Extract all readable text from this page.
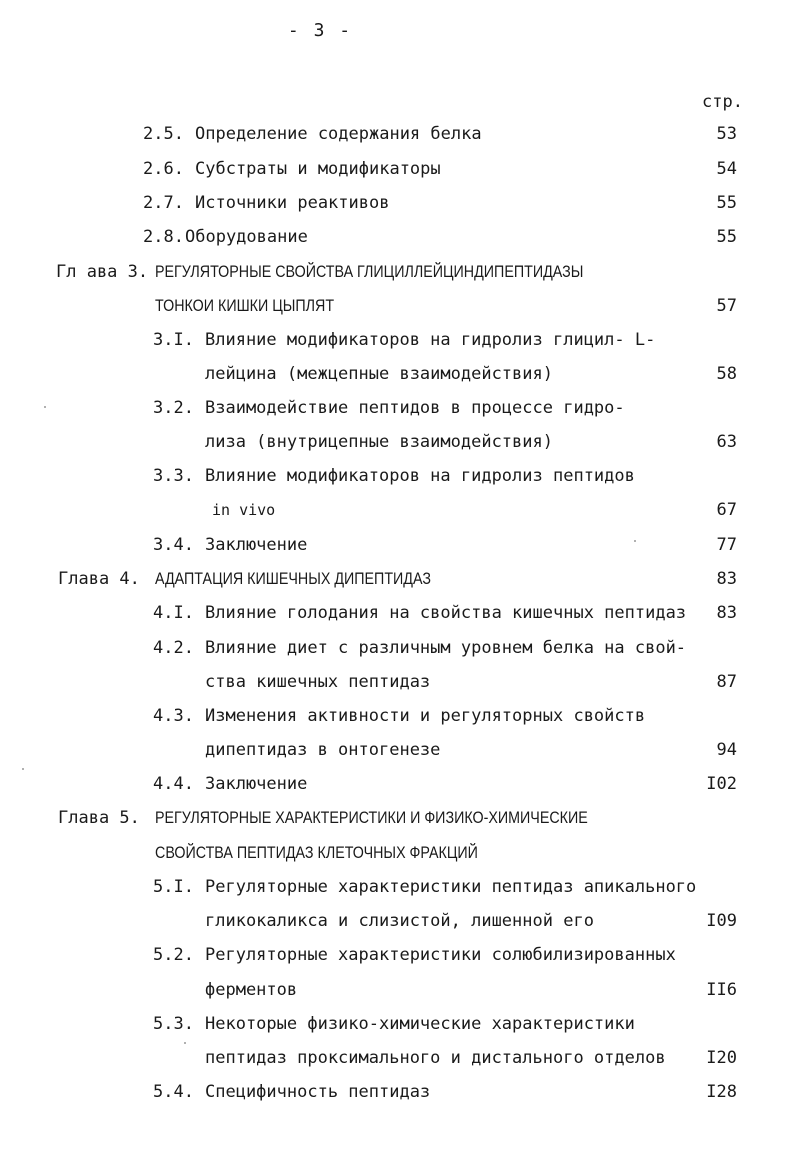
- 3 -
стр.
2.5. Определение содержания белка	53
2.6. Субстраты и модификаторы	54
2.7. Источники реактивов	55
2.8. Оборудование	55
Гл ава 3. РЕГУЛЯТОРНЫЕ СВОЙСТВА ГЛИЦИЛЛЕЙЦИНДИПЕПТИДАЗЫ
ТОНКОИ КИШКИ ЦЫПЛЯТ	57
3.I. Влияние модификаторов на гидролиз глицил- L-
лейцина (межцепные взаимодействия)	58
3.2. Взаимодействие пептидов в процессе гидро-
лиза (внутрицепные взаимодействия)	63
3.3. Влияние модификаторов на гидролиз пептидов
in vivo	67
3.4. Заключение	77
Глава 4. АДАПТАЦИЯ КИШЕЧНЫХ ДИПЕПТИДАЗ	83
4.I. Влияние голодания на свойства кишечных пептидаз	83
4.2. Влияние диет с различным уровнем белка на свой-
ства кишечных пептидаз	87
4.3. Изменения активности и регуляторных свойств
дипептидаз в онтогенезе	94
4.4. Заключение	I02
Глава 5. РЕГУЛЯТОРНЫЕ ХАРАКТЕРИСТИКИ И ФИЗИКО-ХИМИЧЕСКИЕ
СВОЙСТВА ПЕПТИДАЗ КЛЕТОЧНЫХ ФРАКЦИЙ
5.I. Регуляторные характеристики пептидаз апикального
гликокаликса и слизистой, лишенной его	I09
5.2. Регуляторные характеристики солюбилизированных
ферментов	II6
5.3. Некоторые физико-химические характеристики
пептидаз проксимального и дистального отделов	I20
5.4. Специфичность пептидаз	I28
